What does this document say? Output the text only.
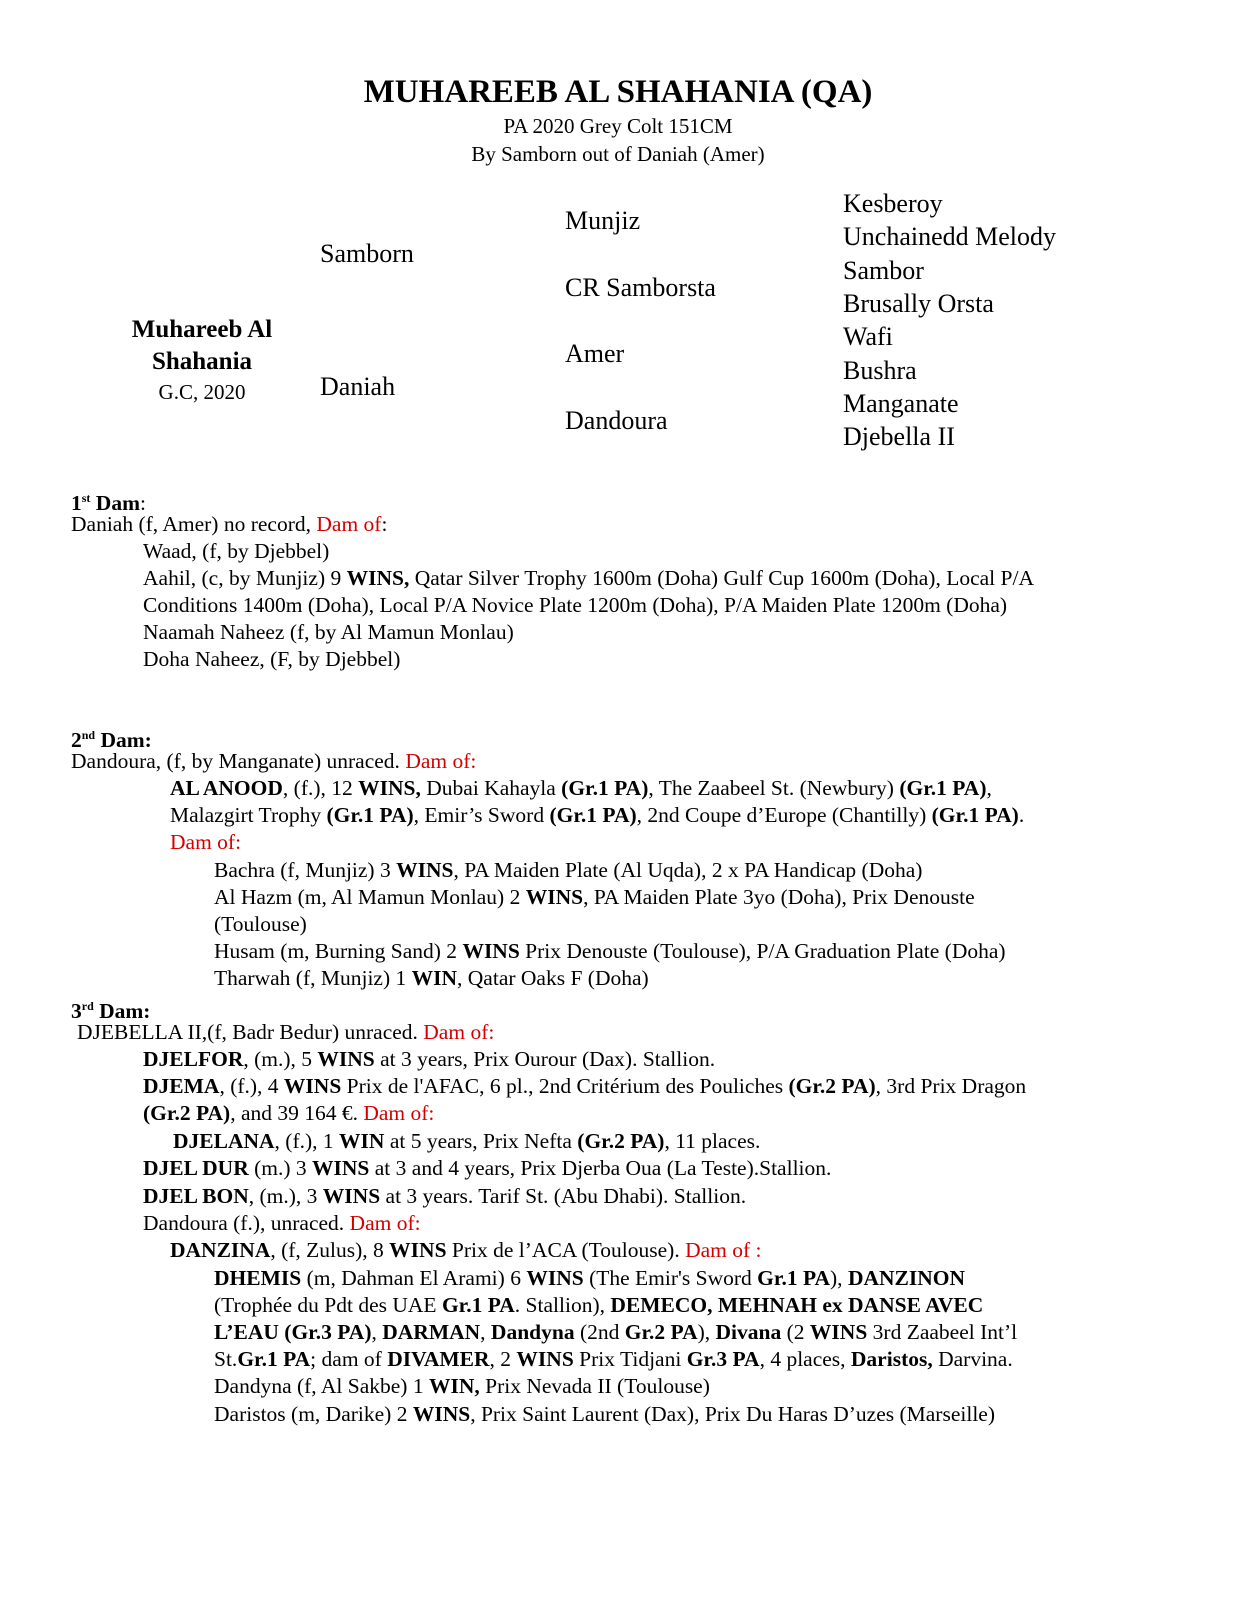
MUHAREEB AL SHAHANIA (QA)
PA 2020 Grey Colt 151CM
By Samborn out of Daniah (Amer)
Muhareeb Al
Shahania
G.C, 2020
Samborn
Daniah
Munjiz
CR Samborsta
Amer
Dandoura
Kesberoy
Unchainedd Melody
Sambor
Brusally Orsta
Wafi
Bushra
Manganate
Djebella II
1st Dam:
Daniah (f, Amer) no record, Dam of:
Waad, (f, by Djebbel)
Aahil, (c, by Munjiz) 9 WINS, Qatar Silver Trophy 1600m (Doha) Gulf Cup 1600m (Doha), Local P/A
Conditions 1400m (Doha), Local P/A Novice Plate 1200m (Doha), P/A Maiden Plate 1200m (Doha)
Naamah Naheez (f, by Al Mamun Monlau)
Doha Naheez, (F, by Djebbel)
2nd Dam:
Dandoura, (f, by Manganate) unraced. Dam of:
AL ANOOD, (f.), 12 WINS, Dubai Kahayla (Gr.1 PA), The Zaabeel St. (Newbury) (Gr.1 PA),
Malazgirt Trophy (Gr.1 PA), Emir’s Sword (Gr.1 PA), 2nd Coupe d’Europe (Chantilly) (Gr.1 PA).
Dam of:
Bachra (f, Munjiz) 3 WINS, PA Maiden Plate (Al Uqda), 2 x PA Handicap (Doha)
Al Hazm (m, Al Mamun Monlau) 2 WINS, PA Maiden Plate 3yo (Doha), Prix Denouste
(Toulouse)
Husam (m, Burning Sand) 2 WINS Prix Denouste (Toulouse), P/A Graduation Plate (Doha)
Tharwah (f, Munjiz) 1 WIN, Qatar Oaks F (Doha)
3rd Dam:
DJEBELLA II,(f, Badr Bedur) unraced. Dam of:
DJELFOR, (m.), 5 WINS at 3 years, Prix Ourour (Dax). Stallion.
DJEMA, (f.), 4 WINS Prix de l'AFAC, 6 pl., 2nd Critérium des Pouliches (Gr.2 PA), 3rd Prix Dragon
(Gr.2 PA), and 39 164 €. Dam of:
DJELANA, (f.), 1 WIN at 5 years, Prix Nefta (Gr.2 PA), 11 places.
DJEL DUR (m.) 3 WINS at 3 and 4 years, Prix Djerba Oua (La Teste).Stallion.
DJEL BON, (m.), 3 WINS at 3 years. Tarif St. (Abu Dhabi). Stallion.
Dandoura (f.), unraced. Dam of:
DANZINA, (f, Zulus), 8 WINS Prix de l’ACA (Toulouse). Dam of :
DHEMIS (m, Dahman El Arami) 6 WINS (The Emir's Sword Gr.1 PA), DANZINON
(Trophée du Pdt des UAE Gr.1 PA. Stallion), DEMECO, MEHNAH ex DANSE AVEC
L’EAU (Gr.3 PA), DARMAN, Dandyna (2nd Gr.2 PA), Divana (2 WINS 3rd Zaabeel Int’l
St.Gr.1 PA; dam of DIVAMER, 2 WINS Prix Tidjani Gr.3 PA, 4 places, Daristos, Darvina.
Dandyna (f, Al Sakbe) 1 WIN, Prix Nevada II (Toulouse)
Daristos (m, Darike) 2 WINS, Prix Saint Laurent (Dax), Prix Du Haras D’uzes (Marseille)
